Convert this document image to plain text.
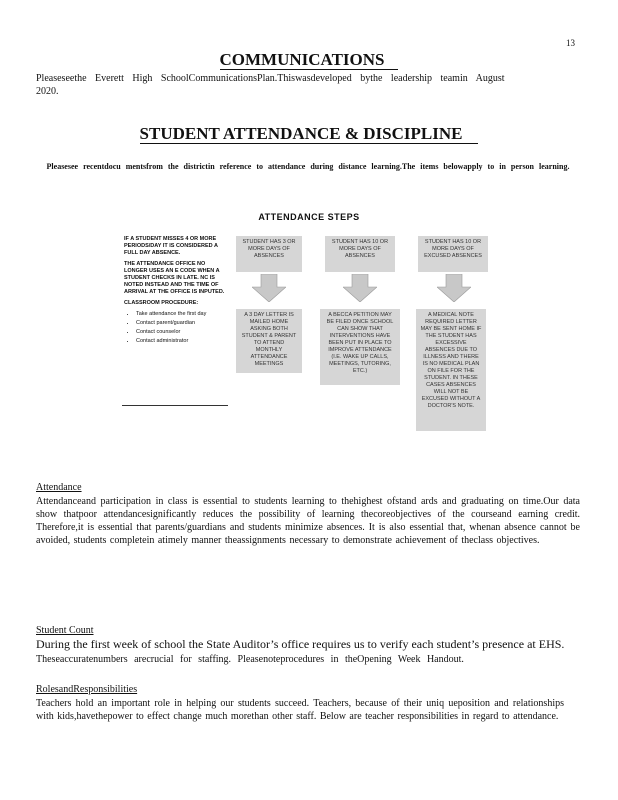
13
COMMUNICATIONS
Pleaseseethe Everett High SchoolCommunicationsPlan.Thiswasdeveloped bythe leadership teamin August 2020.
STUDENT ATTENDANCE & DISCIPLINE
Pleasesee recentdocu mentsfrom the districtin reference to attendance during distance learning.The items belowapply to in person learning.
ATTENDANCE STEPS

IF A STUDENT MISSES 4 OR MORE PERIODS/DAY IT IS CONSIDERED A FULL DAY ABSENCE.

THE ATTENDANCE OFFICE NO LONGER USES AN E CODE WHEN A STUDENT CHECKS IN LATE. NC IS NOTED INSTEAD AND THE TIME OF ARRIVAL AT THE OFFICE IS INPUTED.

CLASSROOM PROCEDURE:

• Take attendance the first day
• Contact parent/guardian
• Contact counselor
• Contact administrator
STUDENT HAS 3 OR MORE DAYS OF ABSENCES
STUDENT HAS 10 OR MORE DAYS OF ABSENCES
STUDENT HAS 10 OR MORE DAYS OF EXCUSED ABSENCES
A 3 DAY LETTER IS MAILED HOME ASKING BOTH STUDENT & PARENT TO ATTEND MONTHLY ATTENDANCE MEETINGS
A BECCA PETITION MAY BE FILED ONCE SCHOOL CAN SHOW THAT INTERVENTIONS HAVE BEEN PUT IN PLACE TO IMPROVE ATTENDANCE (I.E. WAKE UP CALLS, MEETINGS, TUTORING, ETC.)
A MEDICAL NOTE REQUIRED LETTER MAY BE SENT HOME IF THE STUDENT HAS EXCESSIVE ABSENCES DUE TO ILLNESS AND THERE IS NO MEDICAL PLAN ON FILE FOR THE STUDENT. IN THESE CASES ABSENCES WILL NOT BE EXCUSED WITHOUT A DOCTOR'S NOTE.
Attendance
Attendanceand participation in class is essential to students learning to thehighest ofstand ards and graduating on time.Our data show thatpoor attendancesignificantly reduces the possibility of learning thecoreobjectives of the courseand earning credit. Therefore,it is essential that parents/guardians and students minimize absences. It is also essential that, whenan absence cannot be avoided, students completein atimely manner theassignments necessary to demonstrate achievement of theclass objectives.
Student Count
During the first week of school the State Auditor’s office requires us to verify each student’s presence at EHS.
Theseaccuratenumbers arecrucial for staffing. Pleasenoteprocedures in theOpening Week Handout.
RolesandResponsibilities
Teachers hold an important role in helping our students succeed. Teachers, because of their uniq ueposition and relationships with kids,havethepower to effect change much morethan other staff. Below are teacher responsibilities in regard to attendance.
